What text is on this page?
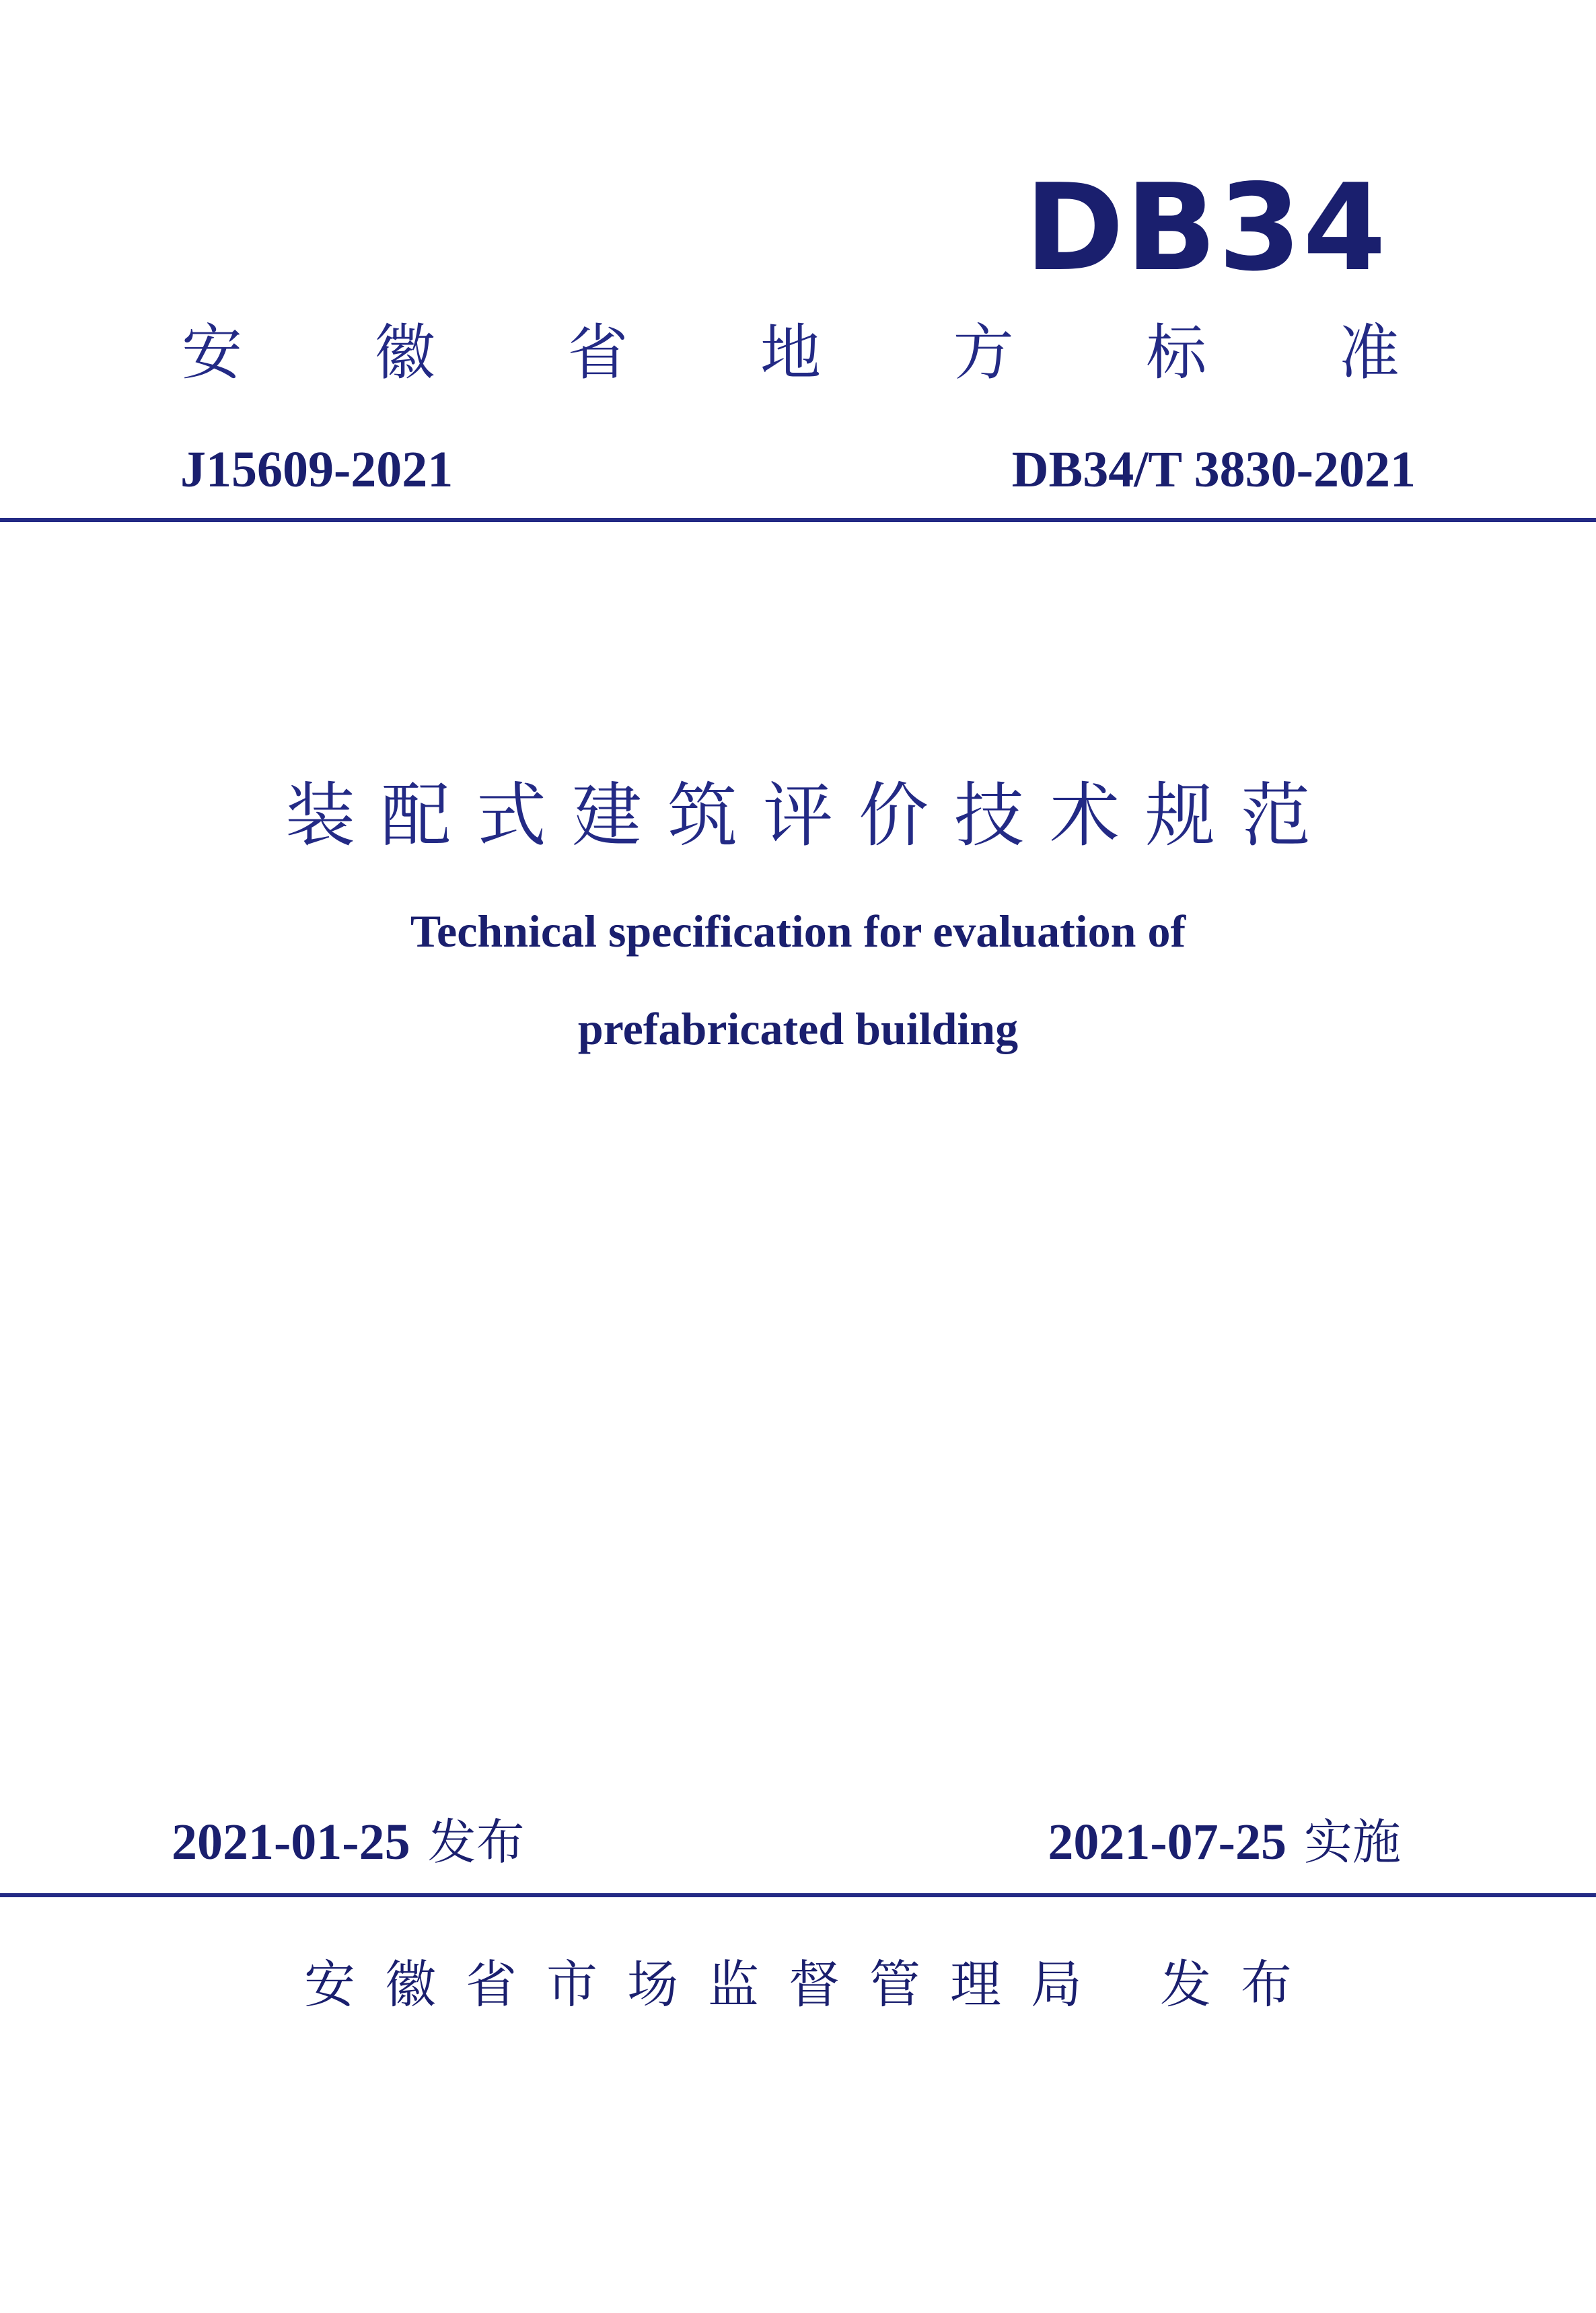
DB34
安 徽 省 地 方 标 准
J15609-2021	DB34/T 3830-2021
装配式建筑评价技术规范
Technical specification for evaluation of
prefabricated building
2021-01-25 发布	2021-07-25 实施
安徽省市场监督管理局 发布
